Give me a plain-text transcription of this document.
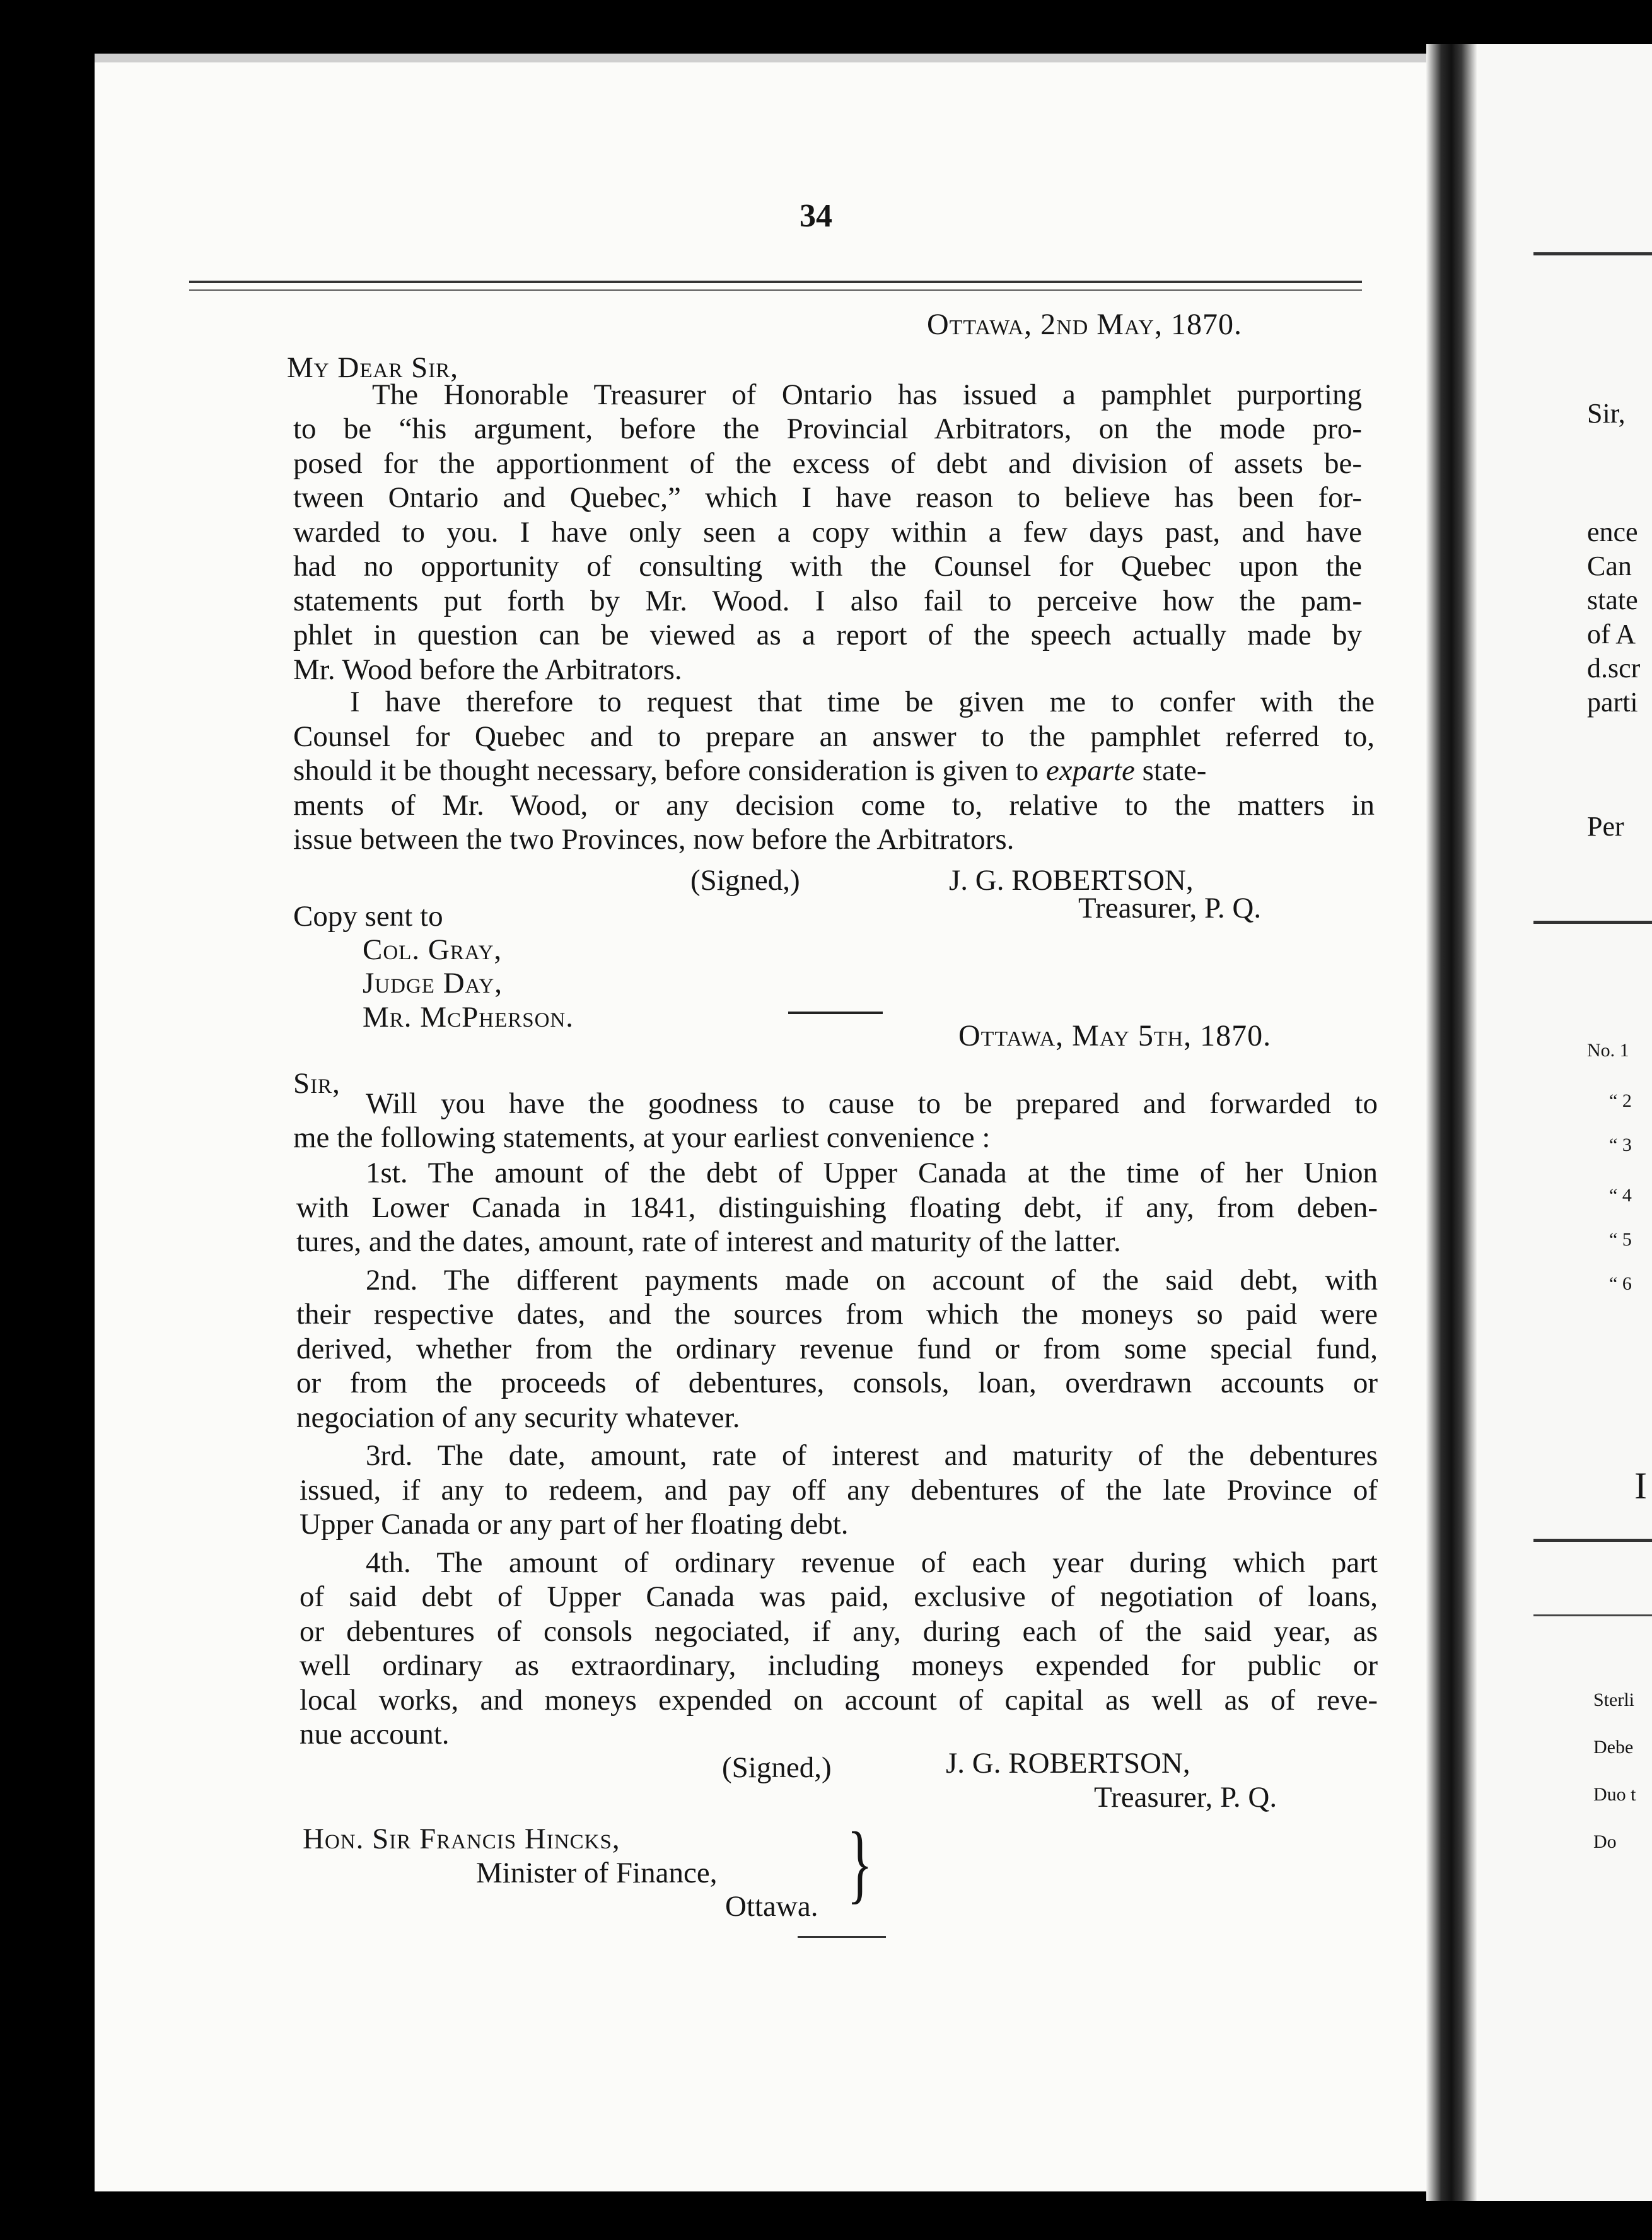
34
Ottawa, 2nd May, 1870.
My Dear Sir,
The Honorable Treasurer of Ontario has issued a pamphlet purporting
to be “his argument, before the Provincial Arbitrators, on the mode pro-
posed for the apportionment of the excess of debt and division of assets be-
tween Ontario and Quebec,” which I have reason to believe has been for-
warded to you. I have only seen a copy within a few days past, and have
had no opportunity of consulting with the Counsel for Quebec upon the
statements put forth by Mr. Wood. I also fail to perceive how the pam-
phlet in question can be viewed as a report of the speech actually made by
Mr. Wood before the Arbitrators.
I have therefore to request that time be given me to confer with the
Counsel for Quebec and to prepare an answer to the pamphlet referred to,
should it be thought necessary, before consideration is given to exparte state-
ments of Mr. Wood, or any decision come to, relative to the matters in
issue between the two Provinces, now before the Arbitrators.
(Signed,)	J. G. ROBERTSON,
Treasurer, P. Q.
Copy sent to
Col. Gray,
Judge Day,
Mr. McPherson.
Ottawa, May 5th, 1870.
Sir,
Will you have the goodness to cause to be prepared and forwarded to
me the following statements, at your earliest convenience :
1st. The amount of the debt of Upper Canada at the time of her Union
with Lower Canada in 1841, distinguishing floating debt, if any, from deben-
tures, and the dates, amount, rate of interest and maturity of the latter.
2nd. The different payments made on account of the said debt, with
their respective dates, and the sources from which the moneys so paid were
derived, whether from the ordinary revenue fund or from some special fund,
or from the proceeds of debentures, consols, loan, overdrawn accounts or
negociation of any security whatever.
3rd. The date, amount, rate of interest and maturity of the debentures
issued, if any to redeem, and pay off any debentures of the late Province of
Upper Canada or any part of her floating debt.
4th. The amount of ordinary revenue of each year during which part
of said debt of Upper Canada was paid, exclusive of negotiation of loans,
or debentures of consols negociated, if any, during each of the said year, as
well ordinary as extraordinary, including moneys expended for public or
local works, and moneys expended on account of capital as well as of reve-
nue account.
(Signed,)	J. G. ROBERTSON,
Treasurer, P. Q.
Hon. Sir Francis Hincks,
Minister of Finance,
Ottawa. }
Sir,
ence
Can
state
of A
d.scr
parti
Per
No. 1
“ 2
“ 3
“ 4
“ 5
“ 6
I
Sterli
Debe
Duo t
Do
